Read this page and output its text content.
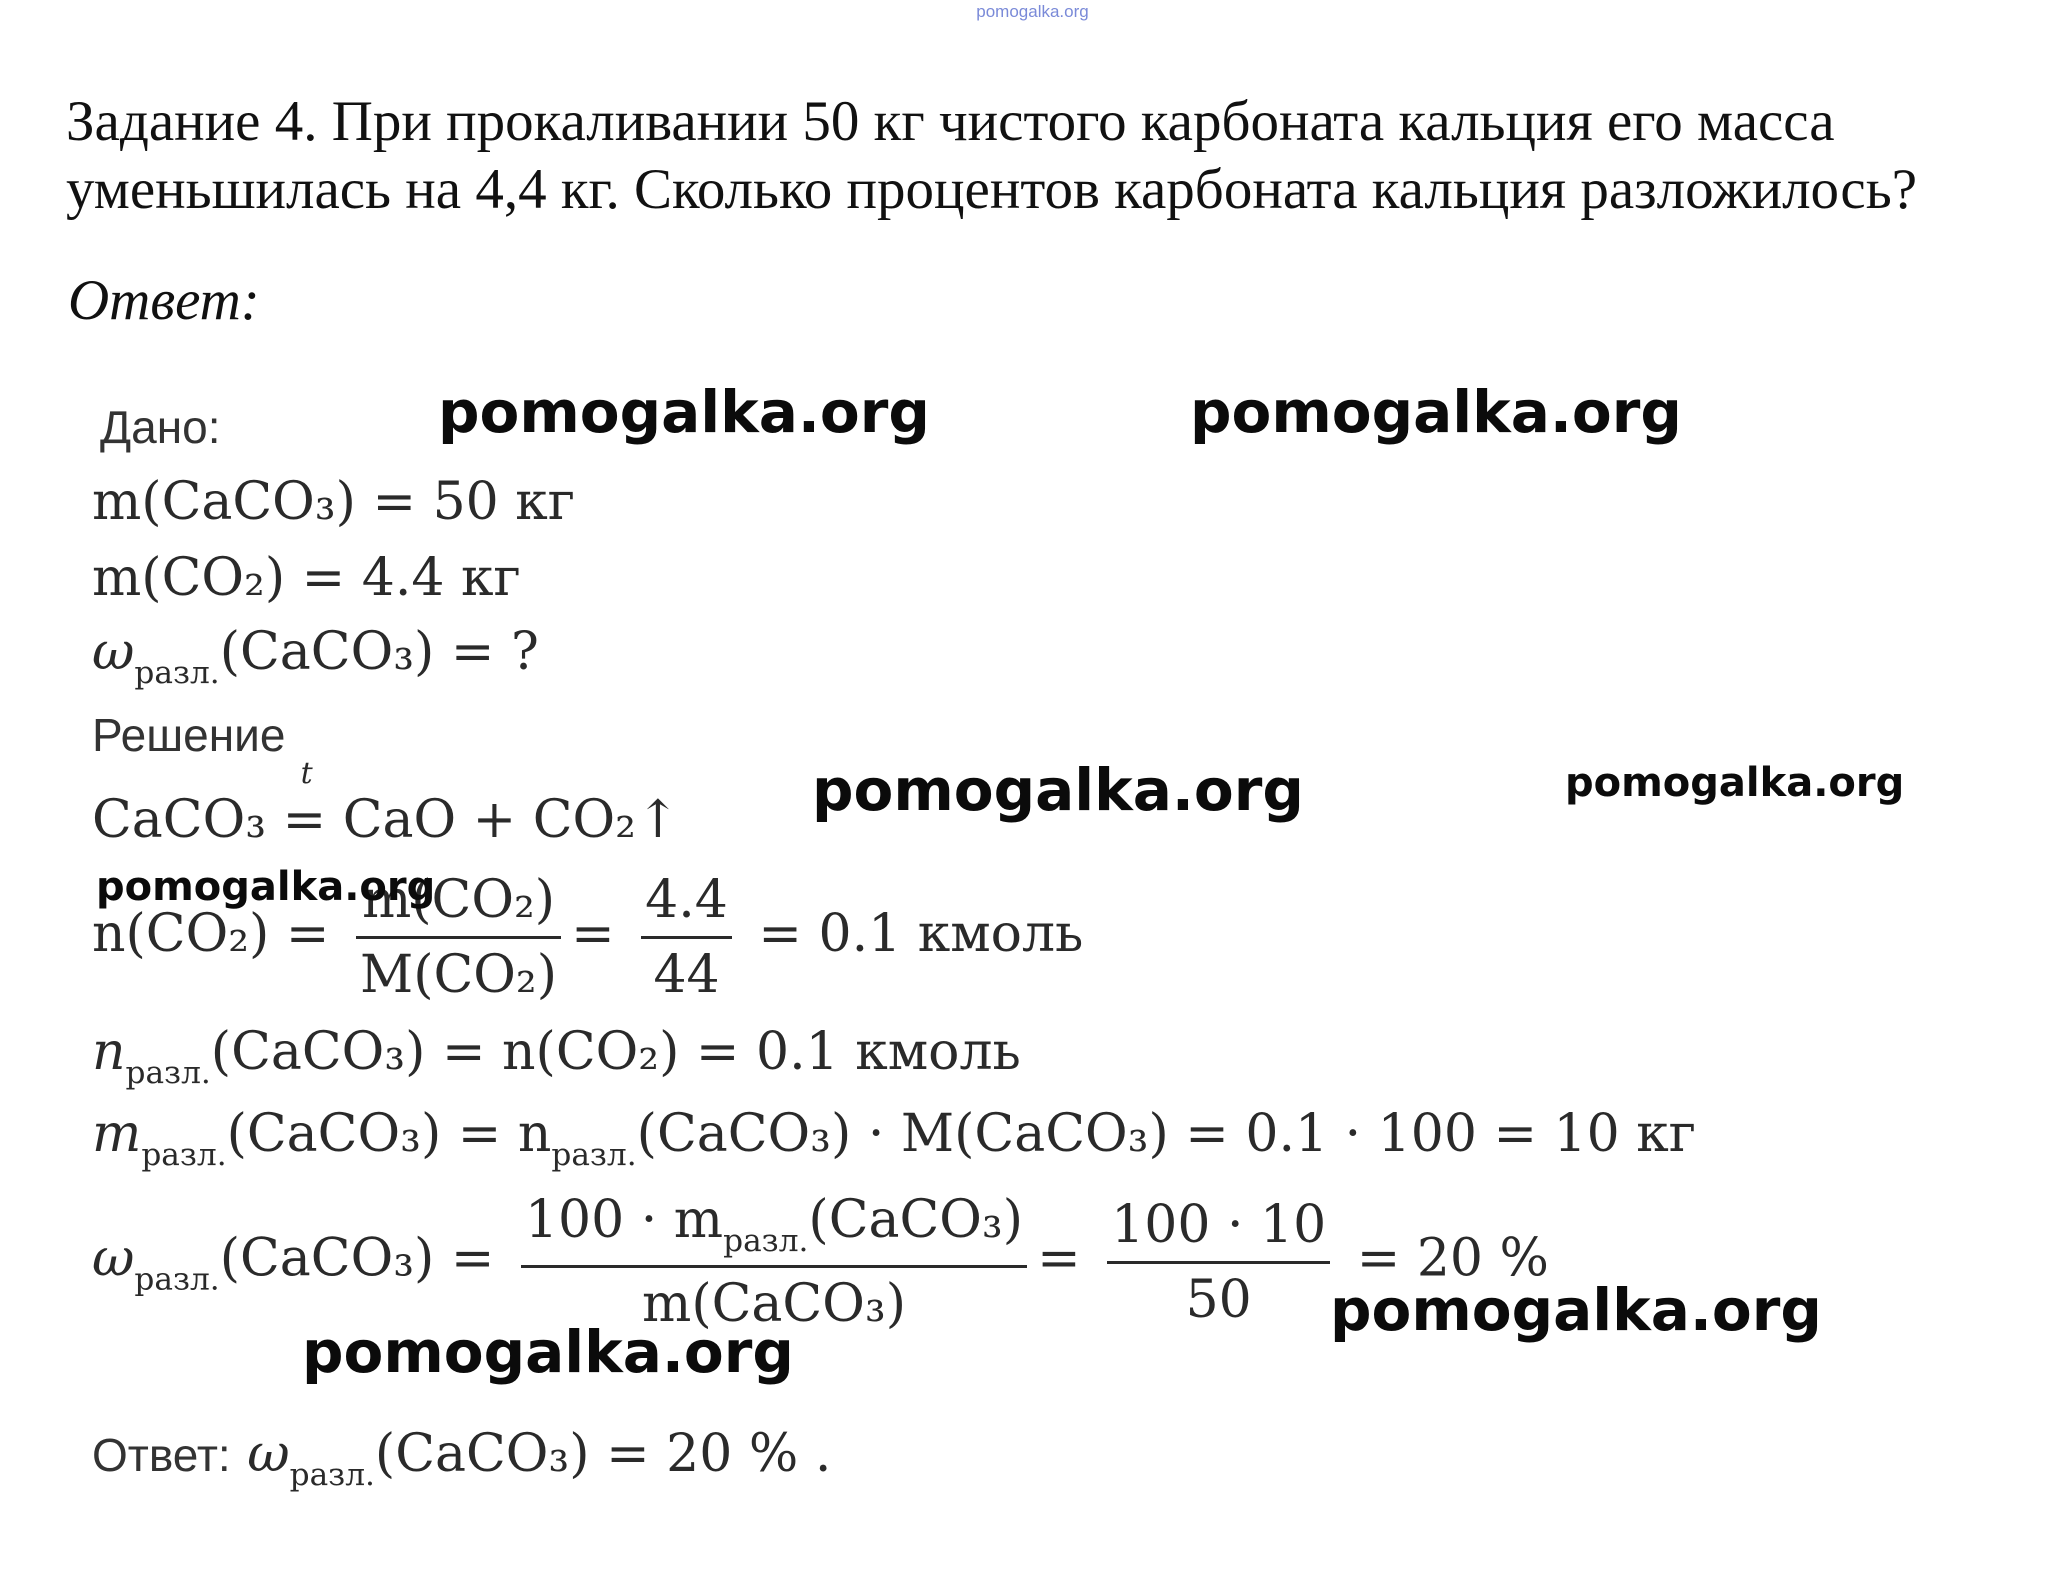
pomogalka.org
Задание 4. При прокаливании 50 кг чистого карбоната кальция его масса
уменьшилась на 4,4 кг. Сколько процентов карбоната кальция разложилось?
Ответ:
Дано:
m(CaCO₃) = 50 кг
m(CO₂) = 4.4 кг
$\omega_{разл.}(CaCO_3)$ = ?
Решение
CaCO₃
t
= CaO + CO₂↑
$n(CO_2) = \frac{\text{m(CO₂)}}{\text{M(CO₂)}} = \frac{4.4}{44} = 0.1$ кмоль
$n_{разл.}(CaCO_3) = n(CO_2) = 0.1$ кмоль
$m_{разл.}(CaCO_3)$ = $n_{разл.}(CaCO_3)$ · M(CaCO₃) = 0.1 · 100 = 10 кг
$\omega_{разл.}(CaCO_3) = \frac{100 \cdot m_{разл.}(CaCO_3)}{\text{m(CaCO₃)}} = \frac{100 \cdot 10}{50} = 20$ %
Ответ: $\omega_{разл.}(CaCO_3) = 20$ % .
pomogalka.org	pomogalka.org
pomogalka.org	pomogalka.org
pomogalka.org
pomogalka.org
pomogalka.org
